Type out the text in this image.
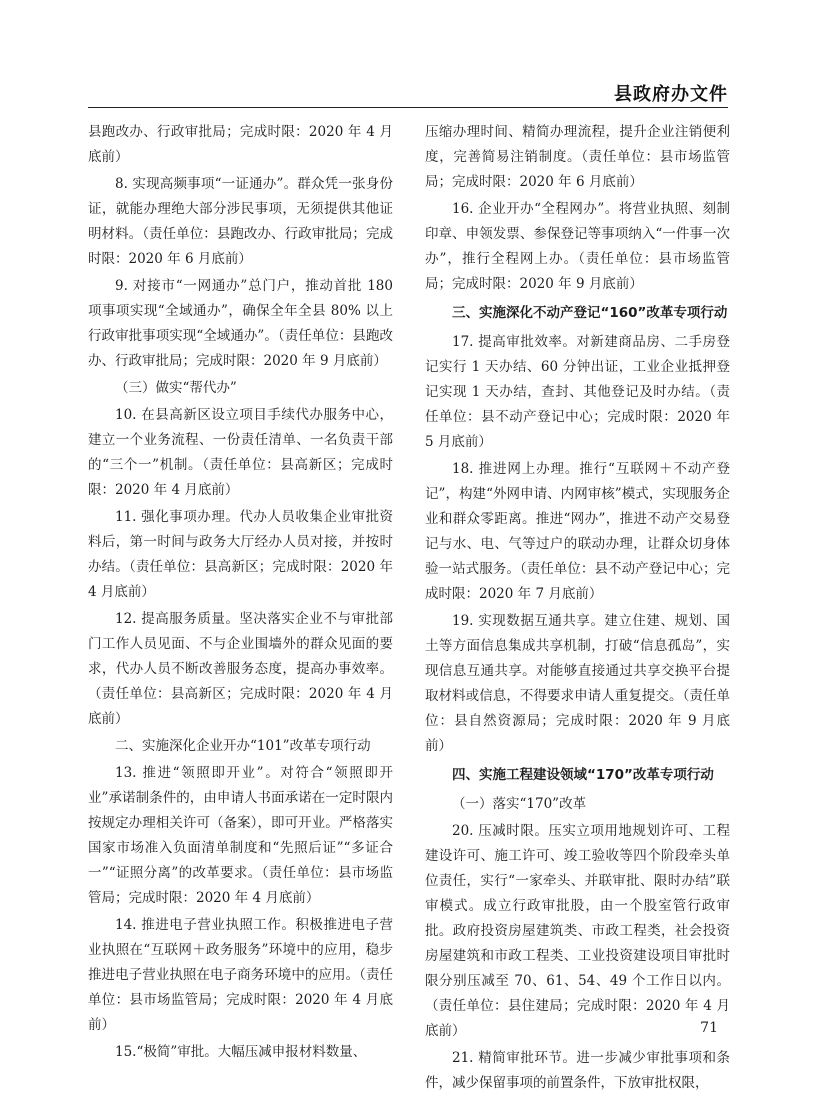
县政府办文件

县跑改办、行政审批局；完成时限：2020 年 4 月底前）

8. 实现高频事项“一证通办”。群众凭一张身份证，就能办理绝大部分涉民事项，无须提供其他证明材料。（责任单位：县跑改办、行政审批局；完成时限：2020 年 6 月底前）

9. 对接市“一网通办”总门户，推动首批 180 项事项实现“全域通办”，确保全年全县 80% 以上行政审批事项实现“全域通办”。（责任单位：县跑改办、行政审批局；完成时限：2020 年 9 月底前）

（三）做实“帮代办”

10. 在县高新区设立项目手续代办服务中心，建立一个业务流程、一份责任清单、一名负责干部的“三个一”机制。（责任单位：县高新区；完成时限：2020 年 4 月底前）

11. 强化事项办理。代办人员收集企业审批资料后，第一时间与政务大厅经办人员对接，并按时办结。（责任单位：县高新区；完成时限：2020 年 4 月底前）

12. 提高服务质量。坚决落实企业不与审批部门工作人员见面、不与企业围墙外的群众见面的要求，代办人员不断改善服务态度，提高办事效率。（责任单位：县高新区；完成时限：2020 年 4 月底前）

二、实施深化企业开办“101”改革专项行动

13. 推进“领照即开业”。对符合“领照即开业”承诺制条件的，由申请人书面承诺在一定时限内按规定办理相关许可（备案），即可开业。严格落实国家市场准入负面清单制度和“先照后证”“多证合一”“证照分离”的改革要求。（责任单位：县市场监管局；完成时限：2020 年 4 月底前）

14. 推进电子营业执照工作。积极推进电子营业执照在“互联网＋政务服务”环境中的应用，稳步推进电子营业执照在电子商务环境中的应用。（责任单位：县市场监管局；完成时限：2020 年 4 月底前）

15.“极简”审批。大幅压减申报材料数量、

压缩办理时间、精简办理流程，提升企业注销便利度，完善简易注销制度。（责任单位：县市场监管局；完成时限：2020 年 6 月底前）

16. 企业开办“全程网办”。将营业执照、刻制印章、申领发票、参保登记等事项纳入“一件事一次办”，推行全程网上办。（责任单位：县市场监管局；完成时限：2020 年 9 月底前）

三、实施深化不动产登记“160”改革专项行动

17. 提高审批效率。对新建商品房、二手房登记实行 1 天办结、60 分钟出证，工业企业抵押登记实现 1 天办结，查封、其他登记及时办结。（责任单位：县不动产登记中心；完成时限：2020 年 5 月底前）

18. 推进网上办理。推行“互联网＋不动产登记”，构建“外网申请、内网审核”模式，实现服务企业和群众零距离。推进“网办”，推进不动产交易登记与水、电、气等过户的联动办理，让群众切身体验一站式服务。（责任单位：县不动产登记中心；完成时限：2020 年 7 月底前）

19. 实现数据互通共享。建立住建、规划、国土等方面信息集成共享机制，打破“信息孤岛”，实现信息互通共享。对能够直接通过共享交换平台提取材料或信息，不得要求申请人重复提交。（责任单位：县自然资源局；完成时限：2020 年 9 月底前）

四、实施工程建设领域“170”改革专项行动
（一）落实“170”改革

20. 压减时限。压实立项用地规划许可、工程建设许可、施工许可、竣工验收等四个阶段牵头单位责任，实行“一家牵头、并联审批、限时办结”联审模式。成立行政审批股，由一个股室管行政审批。政府投资房屋建筑类、市政工程类，社会投资房屋建筑和市政工程类、工业投资建设项目审批时限分别压减至 70、61、54、49 个工作日以内。（责任单位：县住建局；完成时限：2020 年 4 月底前）

21. 精简审批环节。进一步减少审批事项和条件，减少保留事项的前置条件，下放审批权限，

71
